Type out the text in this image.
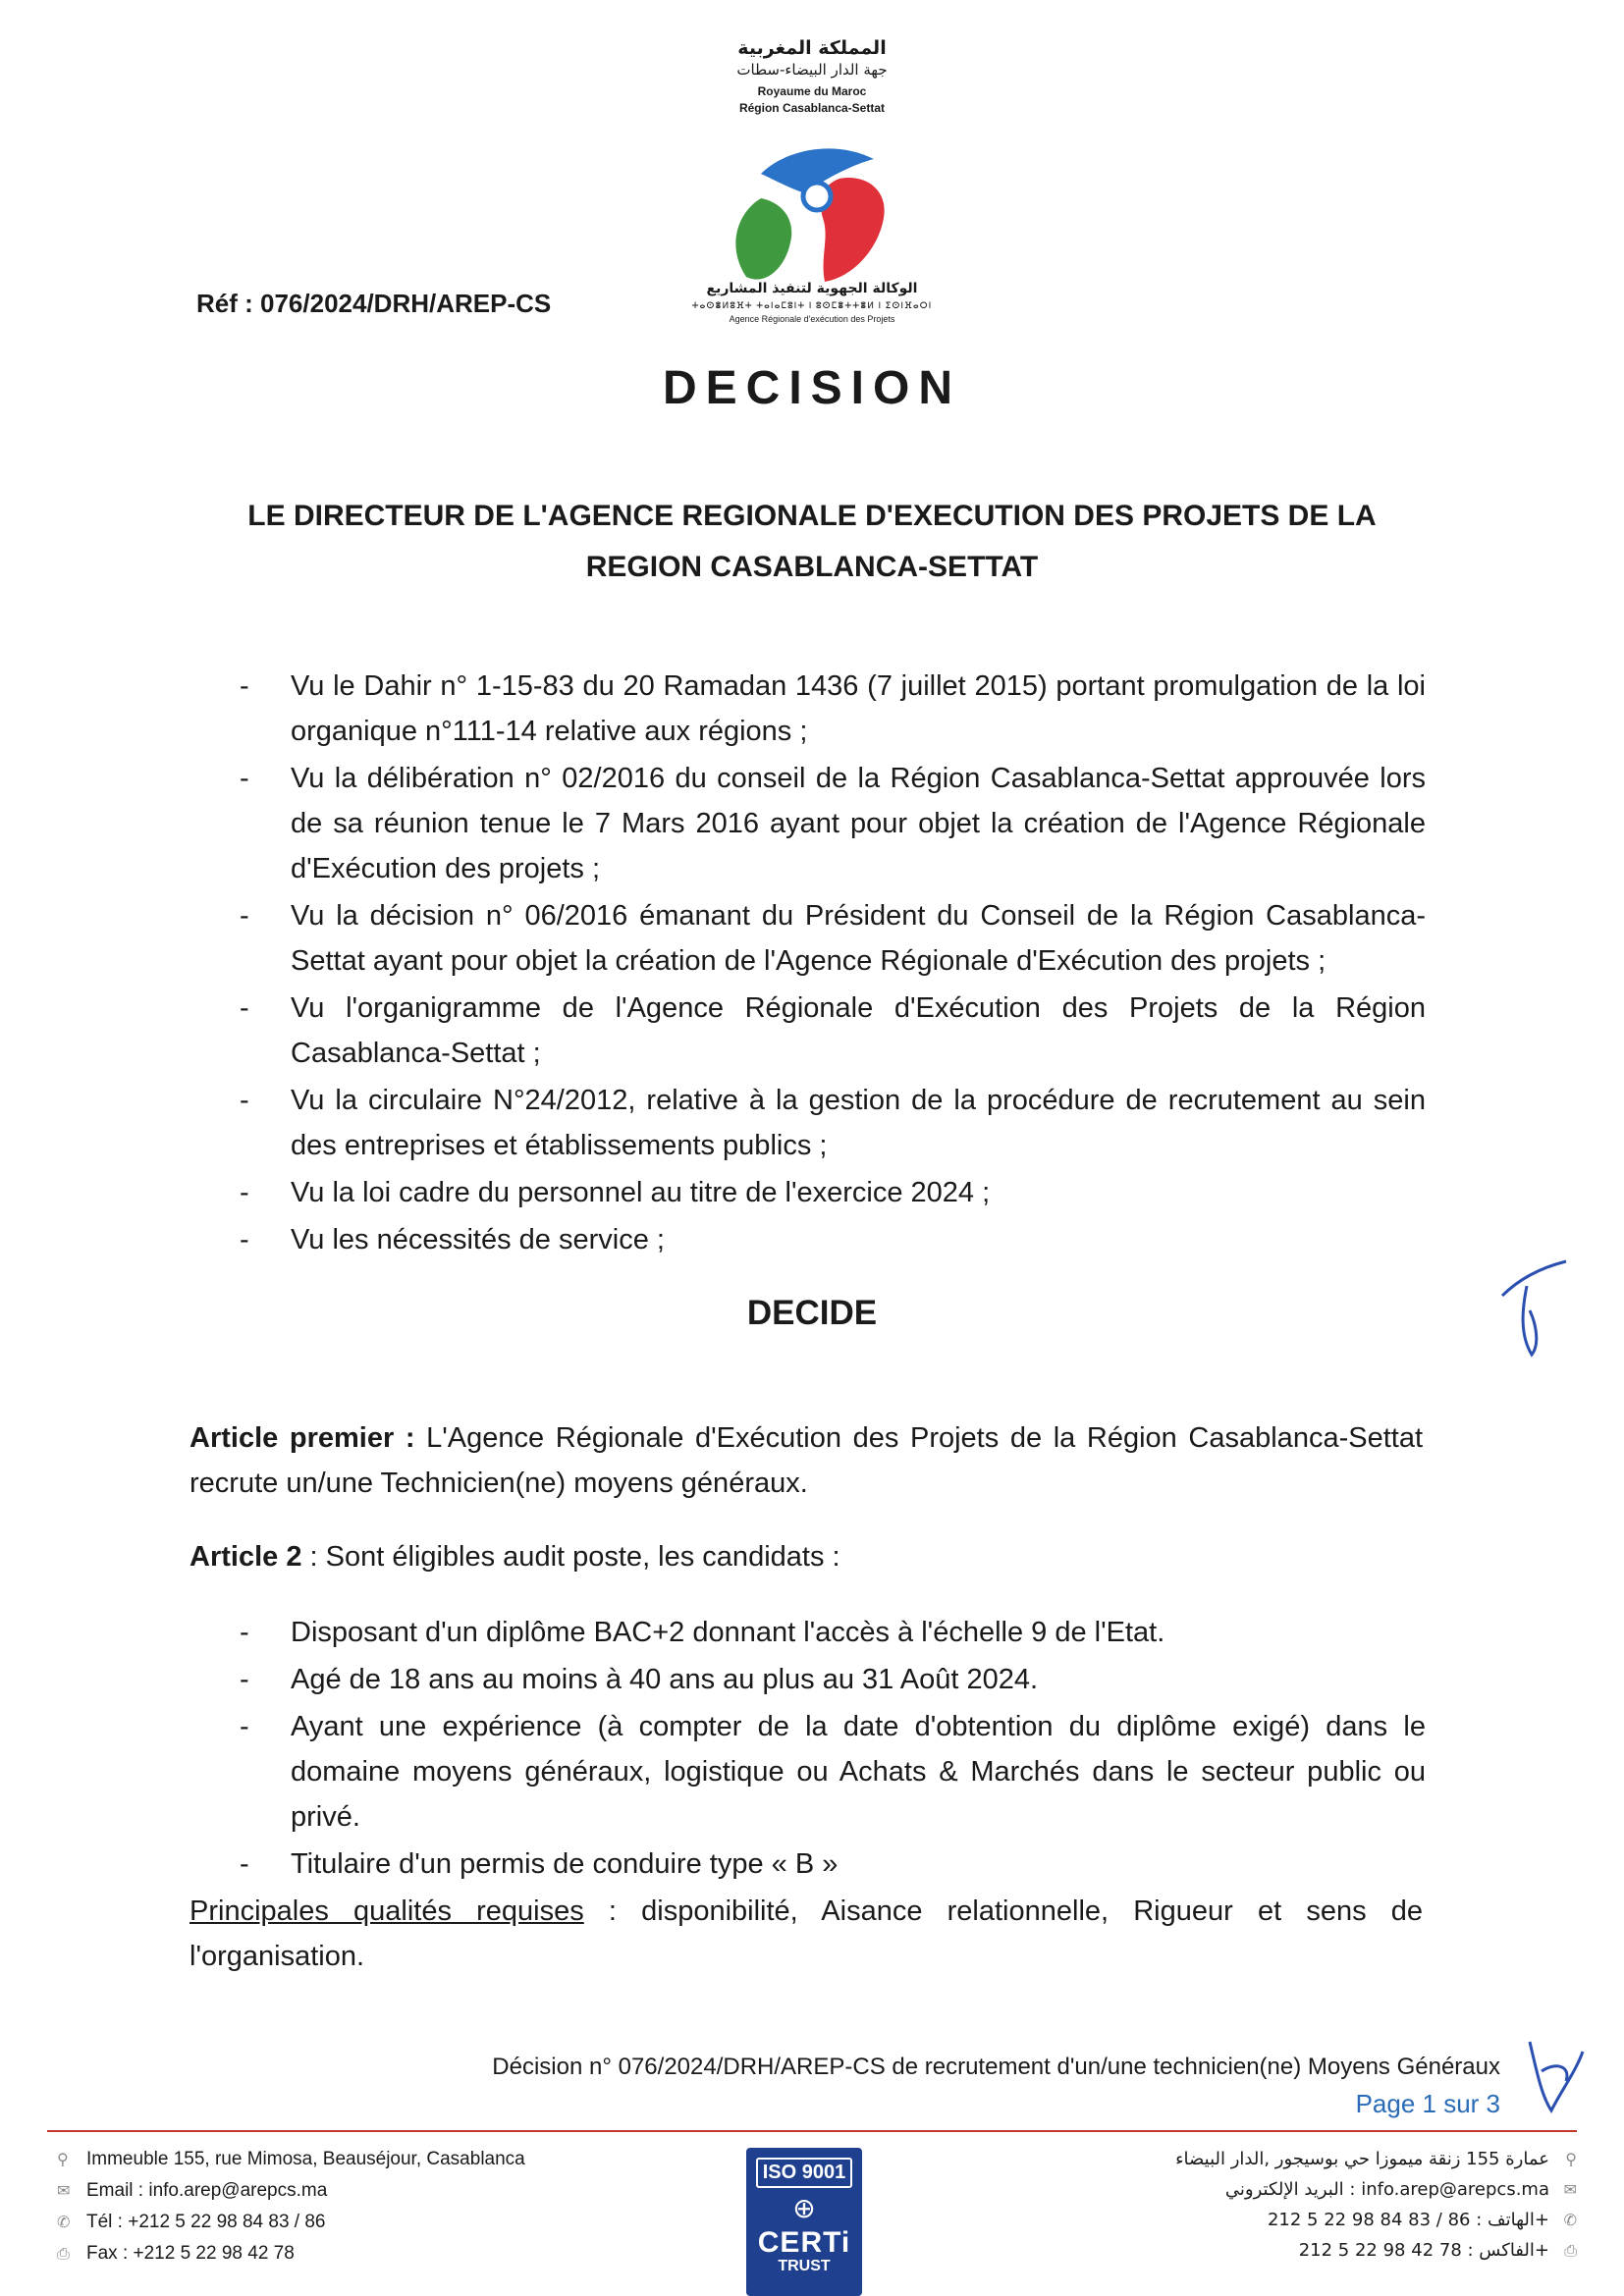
المملكة المغربية
جهة الدار البيضاء-سطات
Royaume du Maroc
Région Casablanca-Settat
الوكالة الجهوية لتنفيذ المشاريع
ⵜⴰⵙⴻⵍⵓⴼⵜ ⵜⴰⵏⴰⵎⵓⵏⵜ ⵏ ⵓⵙⵎⴻⵜⵜⴻⵍ ⵏ ⵉⵙⵏⴼⴰⵔⵏ
Agence Régionale d'exécution des Projets
Réf : 076/2024/DRH/AREP-CS
DECISION
LE DIRECTEUR DE L'AGENCE REGIONALE D'EXECUTION DES PROJETS DE LA REGION CASABLANCA-SETTAT
- Vu le Dahir n° 1-15-83 du 20 Ramadan 1436 (7 juillet 2015) portant promulgation de la loi organique n°111-14 relative aux régions ;
- Vu la délibération n° 02/2016 du conseil de la Région Casablanca-Settat approuvée lors de sa réunion tenue le 7 Mars 2016 ayant pour objet la création de l'Agence Régionale d'Exécution des projets ;
- Vu la décision n° 06/2016 émanant du Président du Conseil de la Région Casablanca-Settat ayant pour objet la création de l'Agence Régionale d'Exécution des projets ;
- Vu l'organigramme de l'Agence Régionale d'Exécution des Projets de la Région Casablanca-Settat ;
- Vu la circulaire N°24/2012, relative à la gestion de la procédure de recrutement au sein des entreprises et établissements publics ;
- Vu la loi cadre du personnel au titre de l'exercice 2024 ;
- Vu les nécessités de service ;
DECIDE
Article premier : L'Agence Régionale d'Exécution des Projets de la Région Casablanca-Settat recrute un/une Technicien(ne) moyens généraux.
Article 2 : Sont éligibles audit poste, les candidats :
- Disposant d'un diplôme BAC+2 donnant l'accès à l'échelle 9 de l'Etat.
- Agé de 18 ans au moins à 40 ans au plus au 31 Août 2024.
- Ayant une expérience (à compter de la date d'obtention du diplôme exigé) dans le domaine moyens généraux, logistique ou Achats & Marchés dans le secteur public ou privé.
- Titulaire d'un permis de conduire type « B »
Principales qualités requises : disponibilité, Aisance relationnelle, Rigueur et sens de l'organisation.
Décision n° 076/2024/DRH/AREP-CS de recrutement d'un/une technicien(ne) Moyens Généraux
Page 1 sur 3
⚲ Immeuble 155, rue Mimosa, Beauséjour, Casablanca
✉ Email : info.arep@arepcs.ma
✆ Tél : +212 5 22 98 84 83 / 86
⎙ Fax : +212 5 22 98 42 78
ISO 9001
⊕
CERTi
TRUST
عمارة 155 زنقة ميموزا حي بوسيجور ,الدار البيضاء ⚲
البريد الإلكتروني : info.arep@arepcs.ma ✉
الهاتف : 86 / 83 84 98 22 5 212+ ✆
الفاكس : 78 42 98 22 5 212+ ⎙
